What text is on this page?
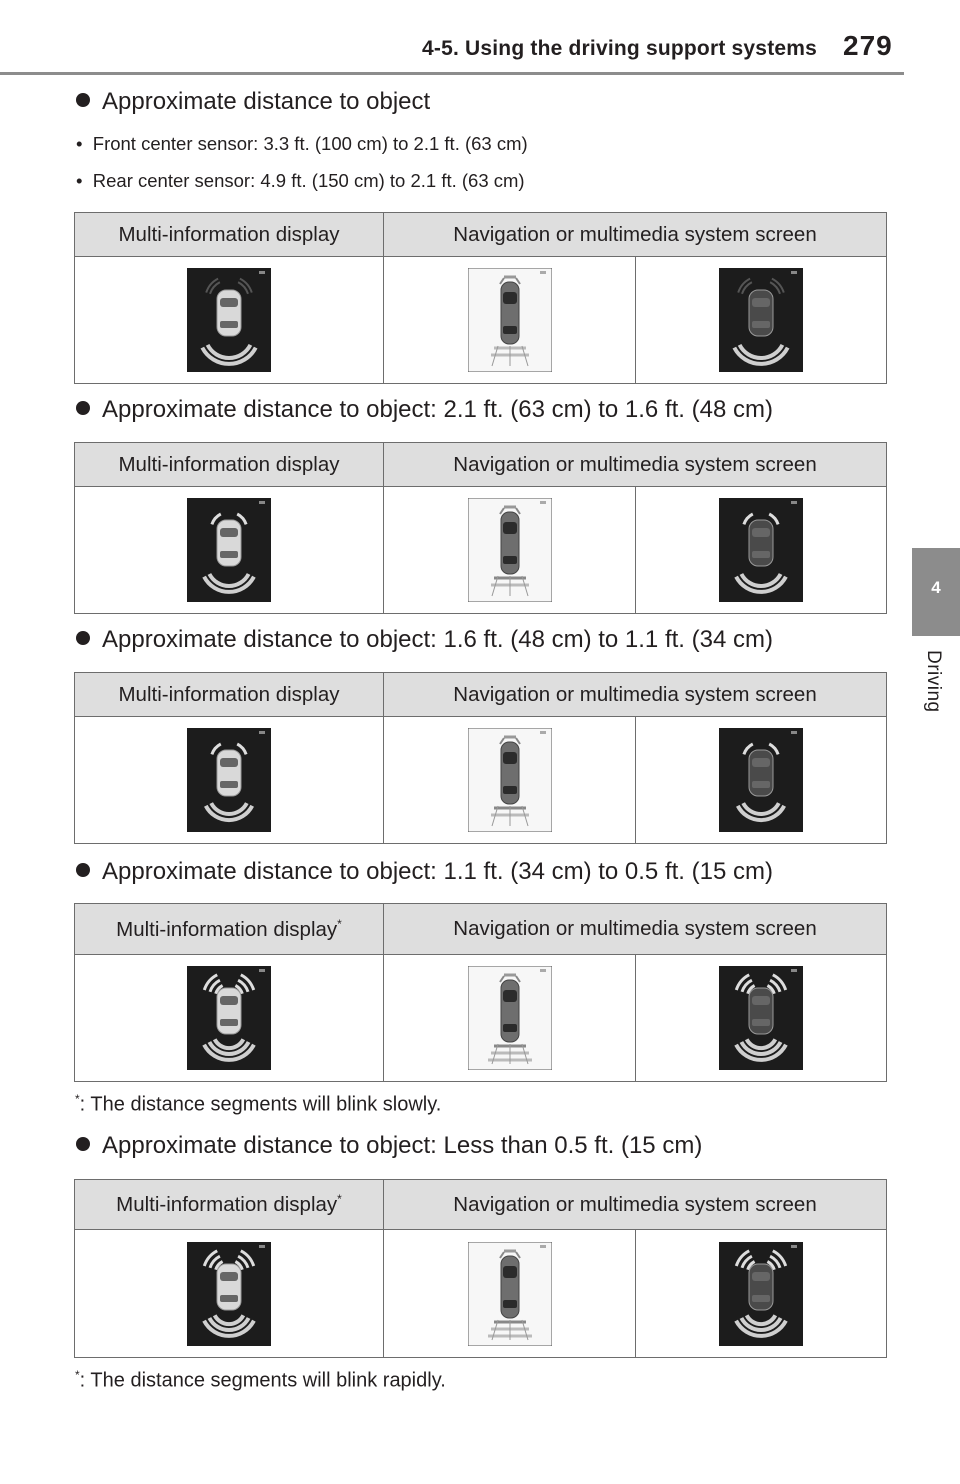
4-5. Using the driving support systems 279
4
Driving
Approximate distance to object
•  Front center sensor: 3.3 ft. (100 cm) to 2.1 ft. (63 cm)
•  Rear center sensor: 4.9 ft. (150 cm) to 2.1 ft. (63 cm)
Multi-information display	Navigation or multimedia system screen	

Approximate distance to object: 2.1 ft. (63 cm) to 1.6 ft. (48 cm)
Multi-information display	Navigation or multimedia system screen	

Approximate distance to object: 1.6 ft. (48 cm) to 1.1 ft. (34 cm)
Multi-information display	Navigation or multimedia system screen	

Approximate distance to object: 1.1 ft. (34 cm) to 0.5 ft. (15 cm)
Multi-information display*	Navigation or multimedia system screen	

*: The distance segments will blink slowly.
Approximate distance to object: Less than 0.5 ft. (15 cm)
Multi-information display*	Navigation or multimedia system screen	

*: The distance segments will blink rapidly.
